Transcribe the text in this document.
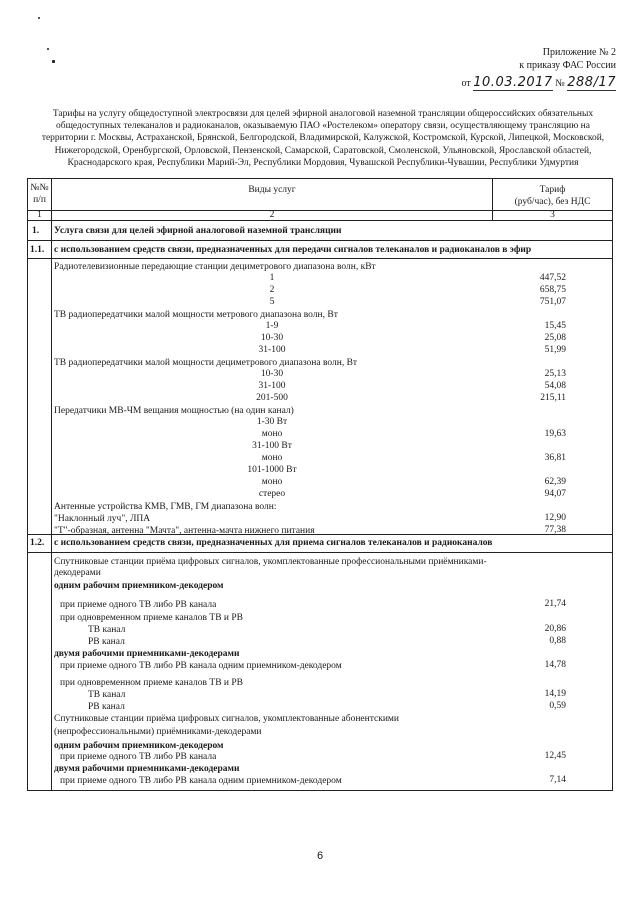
Приложение № 2
к приказу ФАС России
от 10.03.2017 № 288/17
Тарифы на услугу общедоступной электросвязи для целей эфирной аналоговой наземной трансляции общероссийских обязательных
общедоступных телеканалов и радиоканалов, оказываемую ПАО «Ростелеком» оператору связи, осуществляющему трансляцию на
территории г. Москвы, Астраханской, Брянской, Белгородской, Владимирской, Калужской, Костромской, Курской, Липецкой, Московской,
Нижегородской, Оренбургской, Орловской, Пензенской, Самарской, Саратовской, Смоленской, Ульяновской, Ярославской областей,
Краснодарского края, Республики Марий-Эл, Республики Мордовия, Чувашской Республики-Чувашии, Республики Удмуртия
№№
п/п
Виды услуг	Тариф
(руб/час), без НДС
1	2	3
1. Услуга связи для целей эфирной аналоговой наземной трансляции
1.1. с использованием средств связи, предназначенных для передачи сигналов телеканалов и радиоканалов в эфир
Радиотелевизионные передающие станции дециметрового диапазона волн, кВт
1	447,52
2	658,75
5	751,07
ТВ радиопередатчики малой мощности метрового диапазона волн, Вт
1-9	15,45
10-30	25,08
31-100	51,99
ТВ радиопередатчики малой мощности дециметрового диапазона волн, Вт
10-30	25,13
31-100	54,08
201-500	215,11
Передатчики МВ-ЧМ вещания мощностью (на один канал)
1-30 Вт
моно	19,63
31-100 Вт
моно	36,81
101-1000 Вт
моно	62,39
стерео	94,07
Антенные устройства КМВ, ГМВ, ГМ диапазона волн:
"Наклонный луч", ЛПА	12,90
"Т"-образная, антенна "Мачта", антенна-мачта нижнего питания	77,38
1.2. с использованием средств связи, предназначенных для приема сигналов телеканалов и радиоканалов
Спутниковые станции приёма цифровых сигналов, укомплектованные профессиональными приёмниками-
декодерами
одним рабочим приемником-декодером
при приеме одного ТВ либо РВ канала	21,74
при одновременном приеме каналов ТВ и РВ
ТВ канал	20,86
РВ канал	0,88
двумя рабочими приемниками-декодерами
при приеме одного ТВ либо РВ канала одним приемником-декодером	14,78
при одновременном приеме каналов ТВ и РВ
ТВ канал	14,19
РВ канал	0,59
Спутниковые станции приёма цифровых сигналов, укомплектованные абонентскими
(непрофессиональными) приёмниками-декодерами
одним рабочим приемником-декодером
при приеме одного ТВ либо РВ канала	12,45
двумя рабочими приемниками-декодерами
при приеме одного ТВ либо РВ канала одним приемником-декодером	7,14
6
